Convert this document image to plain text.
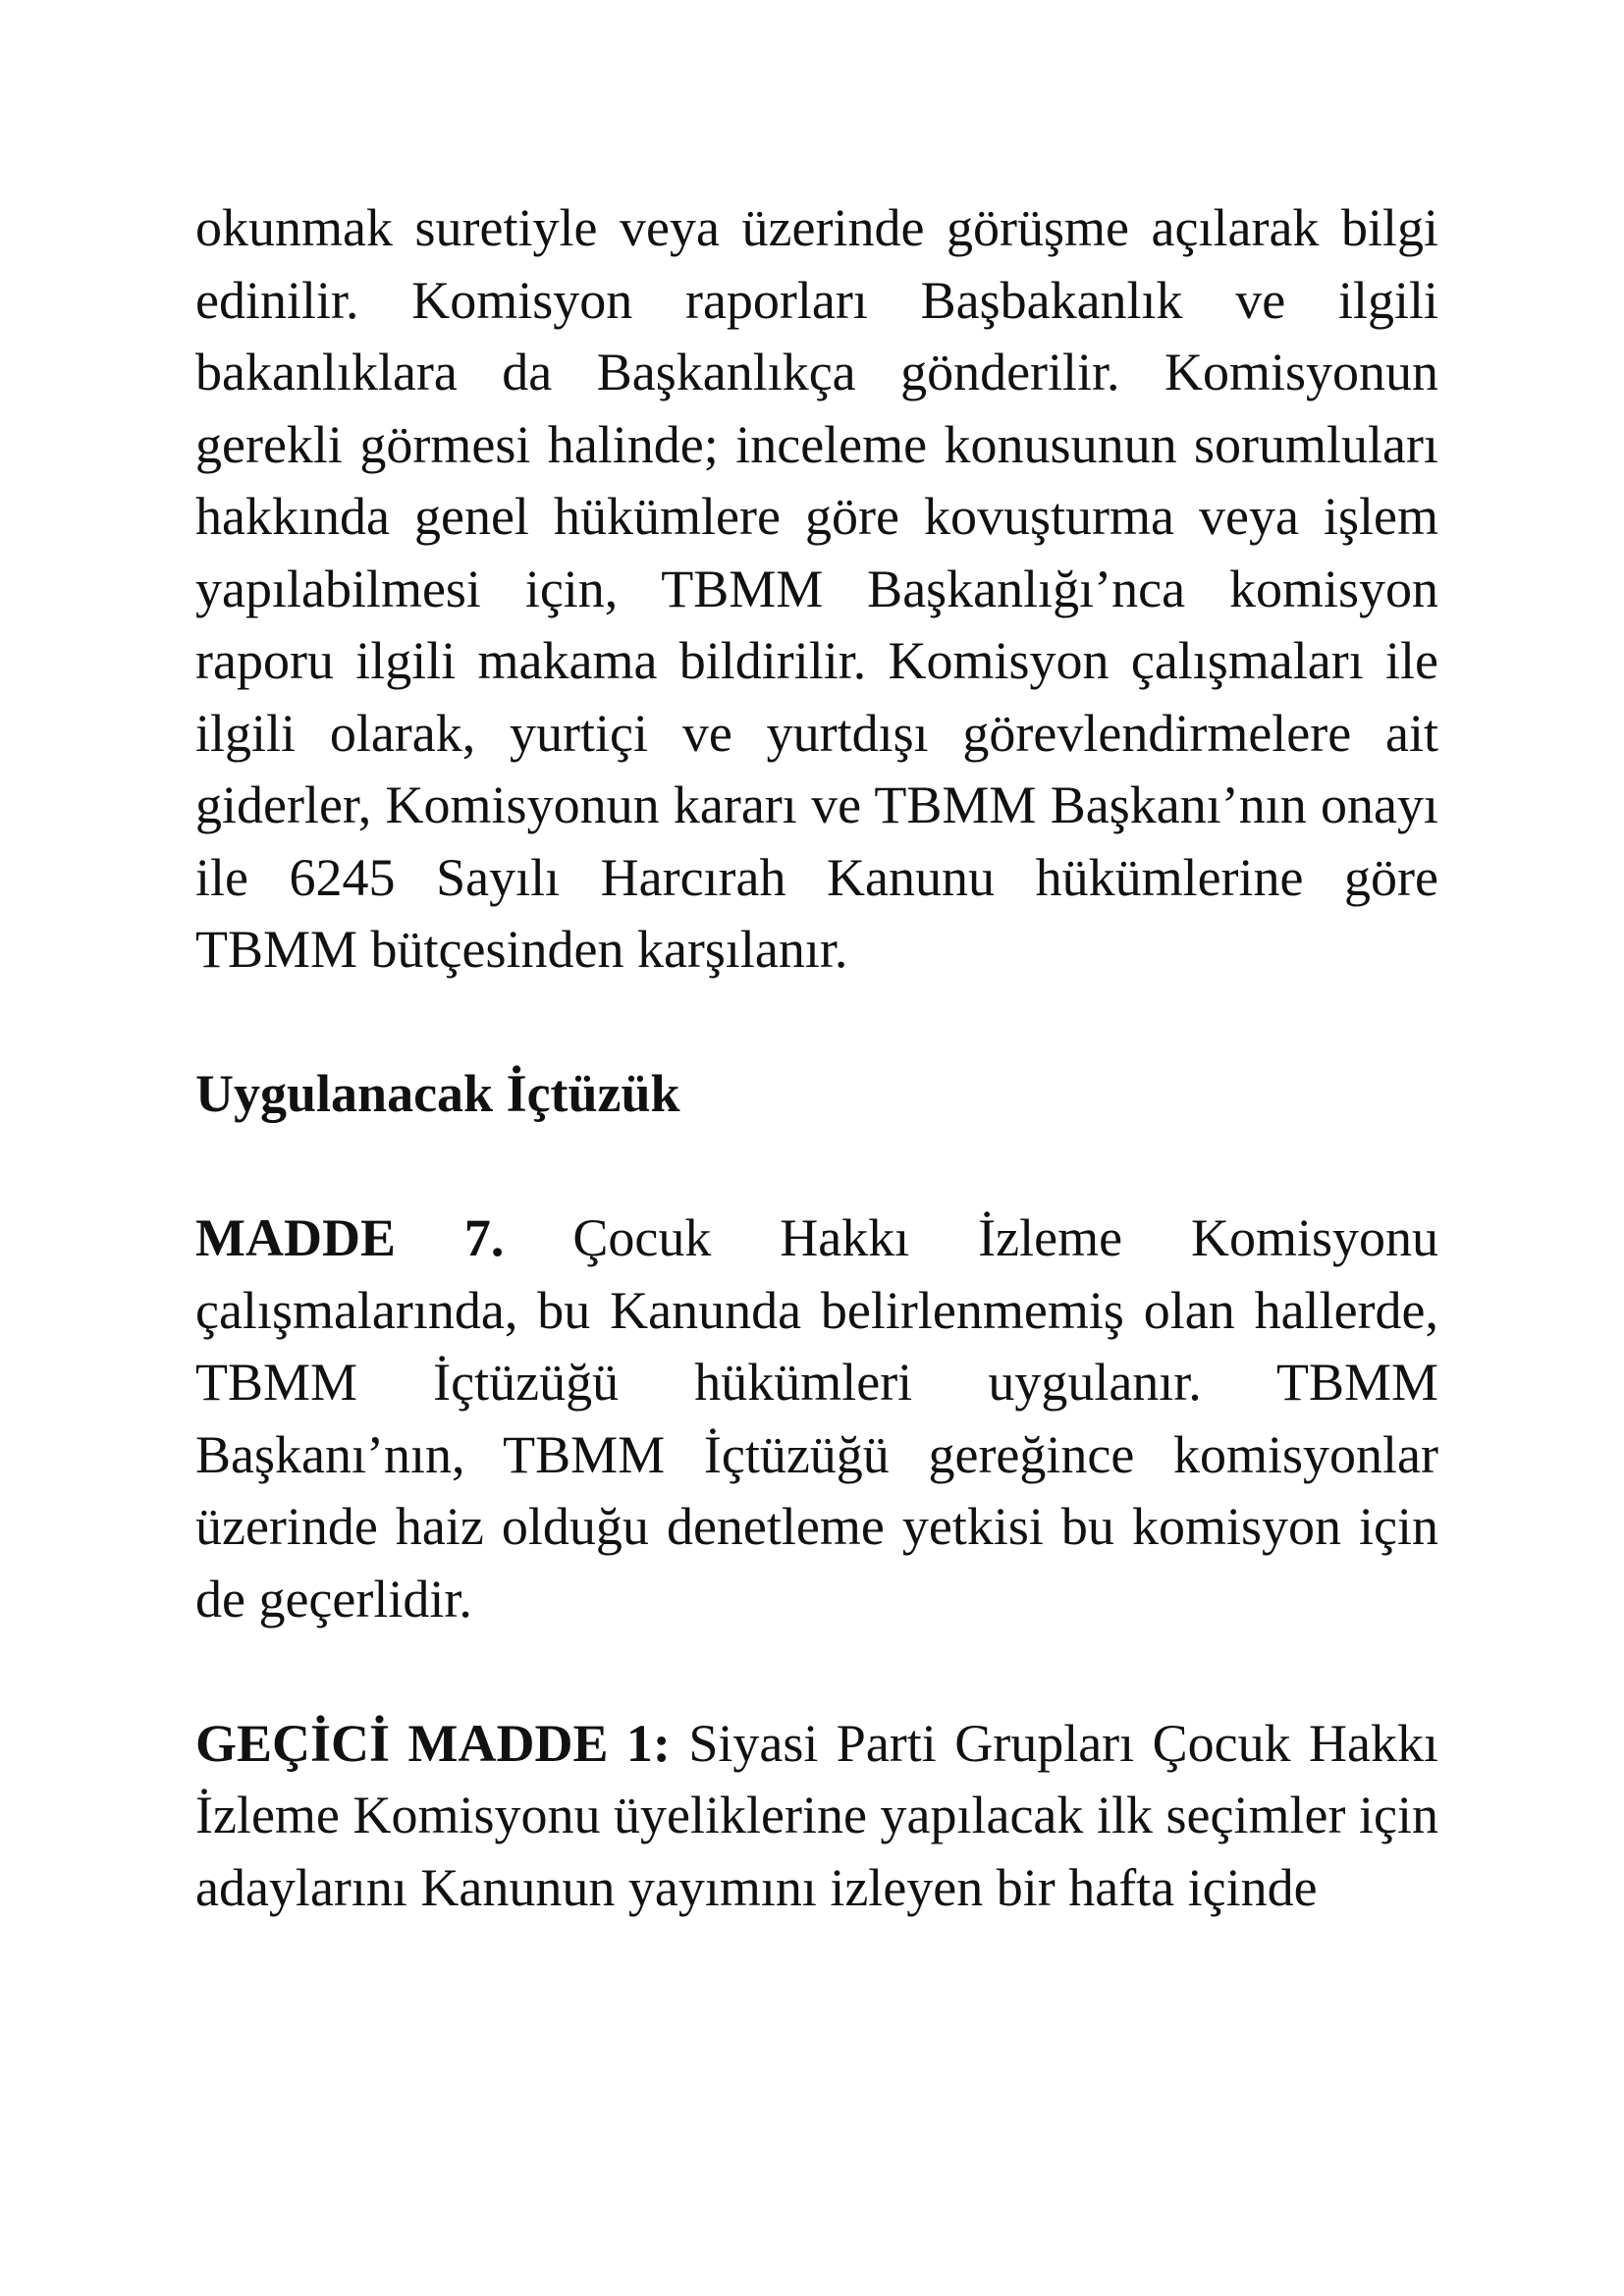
okunmak suretiyle veya üzerinde görüşme açılarak bilgi edinilir. Komisyon raporları Başbakanlık ve ilgili bakanlıklara da Başkanlıkça gönderilir. Komisyonun gerekli görmesi halinde; inceleme konusunun sorumluları hakkında genel hükümlere göre kovuşturma veya işlem yapılabilmesi için, TBMM Başkanlığı’nca komisyon raporu ilgili makama bildirilir. Komisyon çalışmaları ile ilgili olarak, yurtiçi ve yurtdışı görevlendirmelere ait giderler, Komisyonun kararı ve TBMM Başkanı’nın onayı ile 6245 Sayılı Harcırah Kanunu hükümlerine göre TBMM bütçesinden karşılanır.

Uygulanacak İçtüzük

MADDE 7. Çocuk Hakkı İzleme Komisyonu çalışmalarında, bu Kanunda belirlenmemiş olan hallerde, TBMM İçtüzüğü hükümleri uygulanır. TBMM Başkanı’nın, TBMM İçtüzüğü gereğince komisyonlar üzerinde haiz olduğu denetleme yetkisi bu komisyon için de geçerlidir.

GEÇİCİ MADDE 1: Siyasi Parti Grupları Çocuk Hakkı İzleme Komisyonu üyeliklerine yapılacak ilk seçimler için adaylarını Kanunun yayımını izleyen bir hafta içinde
